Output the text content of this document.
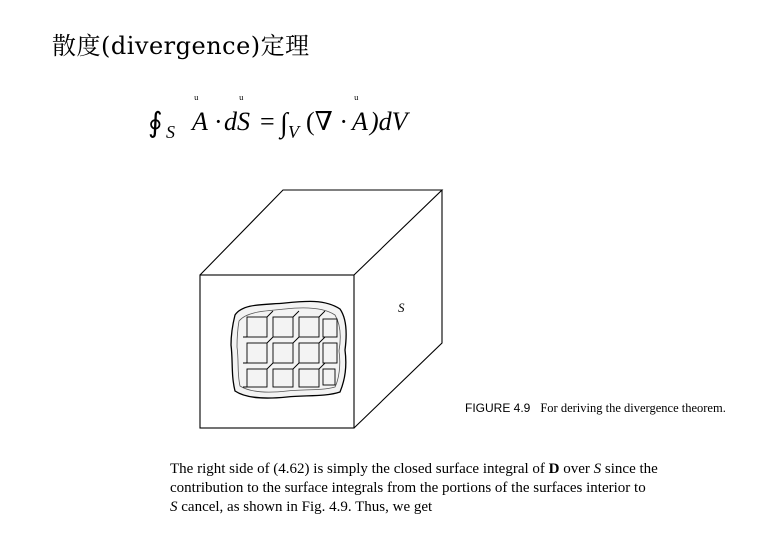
散度(divergence)定理
ᵘ	ᵘ	ᵘ
∮ S A · d S = ∫ V (∇ · A )dV
S
FIGURE 4.9 For deriving the divergence theorem.

The right side of (4.62) is simply the closed surface integral of D over S since the

contribution to the surface integrals from the portions of the surfaces interior to

S cancel, as shown in Fig. 4.9. Thus, we get
